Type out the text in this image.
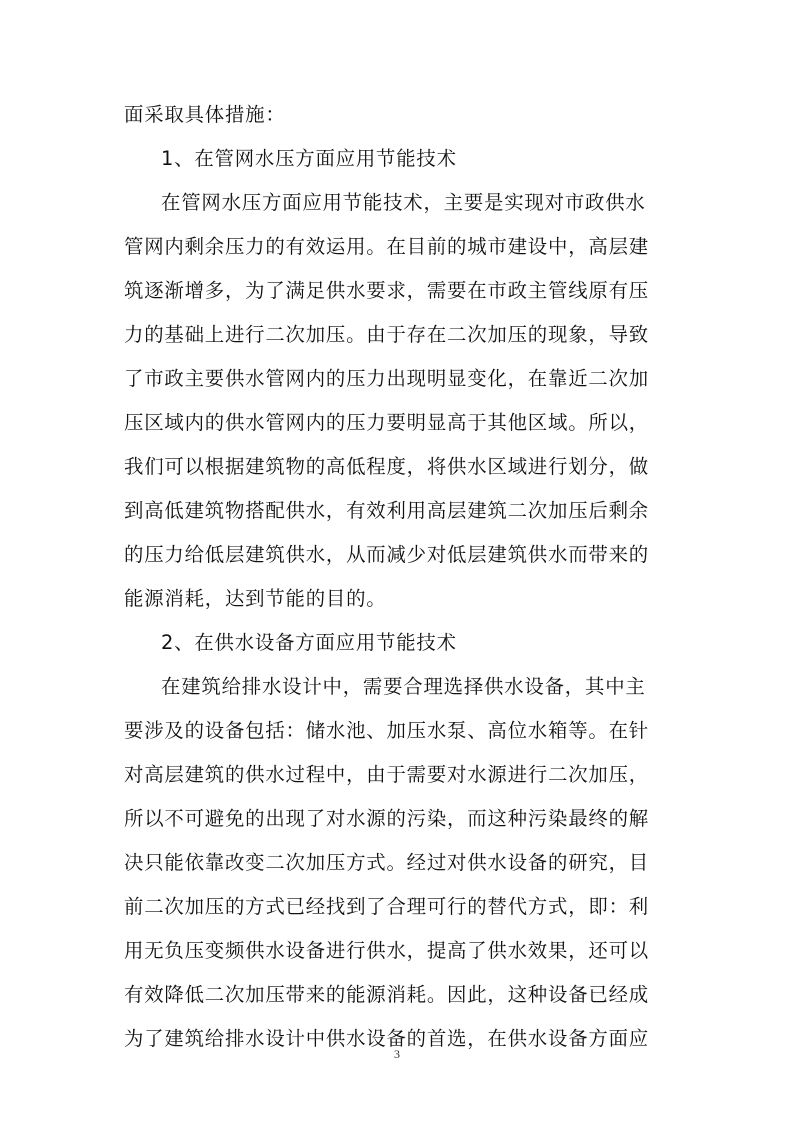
面采取具体措施：
1、在管网水压方面应用节能技术
在管网水压方面应用节能技术，主要是实现对市政供水
管网内剩余压力的有效运用。在目前的城市建设中，高层建
筑逐渐增多，为了满足供水要求，需要在市政主管线原有压
力的基础上进行二次加压。由于存在二次加压的现象，导致
了市政主要供水管网内的压力出现明显变化，在靠近二次加
压区域内的供水管网内的压力要明显高于其他区域。所以，
我们可以根据建筑物的高低程度，将供水区域进行划分，做
到高低建筑物搭配供水，有效利用高层建筑二次加压后剩余
的压力给低层建筑供水，从而减少对低层建筑供水而带来的
能源消耗，达到节能的目的。
2、在供水设备方面应用节能技术
在建筑给排水设计中，需要合理选择供水设备，其中主
要涉及的设备包括：储水池、加压水泵、高位水箱等。在针
对高层建筑的供水过程中，由于需要对水源进行二次加压，
所以不可避免的出现了对水源的污染，而这种污染最终的解
决只能依靠改变二次加压方式。经过对供水设备的研究，目
前二次加压的方式已经找到了合理可行的替代方式，即：利
用无负压变频供水设备进行供水，提高了供水效果，还可以
有效降低二次加压带来的能源消耗。因此，这种设备已经成
为了建筑给排水设计中供水设备的首选，在供水设备方面应
3
